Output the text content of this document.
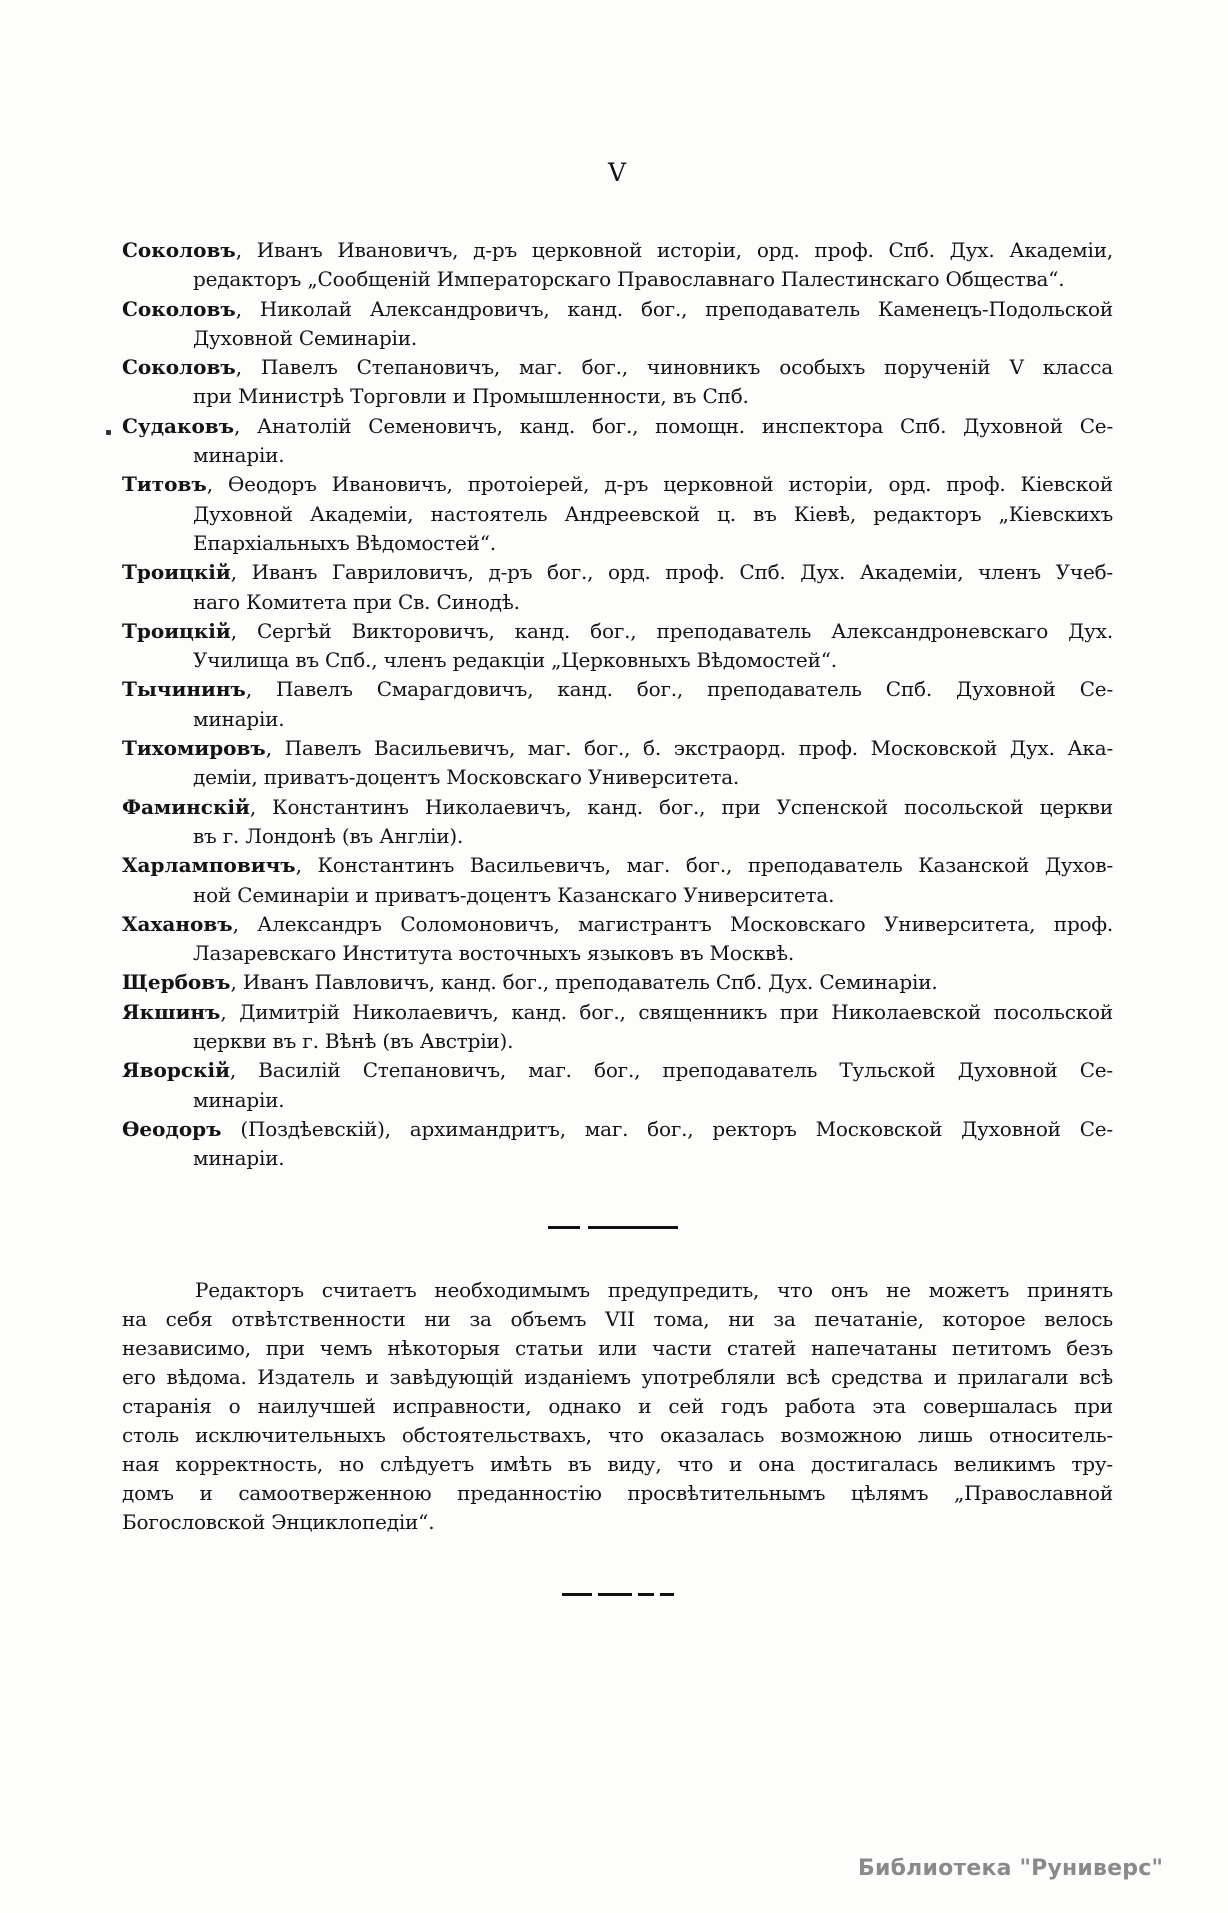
V
Соколовъ, Иванъ Ивановичъ, д-ръ церковной исторіи, орд. проф. Спб. Дух. Академіи,
редакторъ „Сообщеній Императорскаго Православнаго Палестинскаго Общества“.
Соколовъ, Николай Александровичъ, канд. бог., преподаватель Каменецъ-Подольской
Духовной Семинаріи.
Соколовъ, Павелъ Степановичъ, маг. бог., чиновникъ особыхъ порученій V класса
при Министрѣ Торговли и Промышленности, въ Спб.
Судаковъ, Анатолій Семеновичъ, канд. бог., помощн. инспектора Спб. Духовной Се-
минаріи.
Титовъ, Ѳеодоръ Ивановичъ, протоіерей, д-ръ церковной исторіи, орд. проф. Кіевской
Духовной Академіи, настоятель Андреевской ц. въ Кіевѣ, редакторъ „Кіевскихъ
Епархіальныхъ Вѣдомостей“.
Троицкій, Иванъ Гавриловичъ, д-ръ бог., орд. проф. Спб. Дух. Академіи, членъ Учеб-
наго Комитета при Св. Синодѣ.
Троицкій, Сергѣй Викторовичъ, канд. бог., преподаватель Александроневскаго Дух.
Училища въ Спб., членъ редакціи „Церковныхъ Вѣдомостей“.
Тычининъ, Павелъ Смарагдовичъ, канд. бог., преподаватель Спб. Духовной Се-
минаріи.
Тихомировъ, Павелъ Васильевичъ, маг. бог., б. экстраорд. проф. Московской Дух. Ака-
деміи, приватъ-доцентъ Московскаго Университета.
Фаминскій, Константинъ Николаевичъ, канд. бог., при Успенской посольской церкви
въ г. Лондонѣ (въ Англіи).
Харламповичъ, Константинъ Васильевичъ, маг. бог., преподаватель Казанской Духов-
ной Семинаріи и приватъ-доцентъ Казанскаго Университета.
Хахановъ, Александръ Соломоновичъ, магистрантъ Московскаго Университета, проф.
Лазаревскаго Института восточныхъ языковъ въ Москвѣ.
Щербовъ, Иванъ Павловичъ, канд. бог., преподаватель Спб. Дух. Семинаріи.
Якшинъ, Димитрій Николаевичъ, канд. бог., священникъ при Николаевской посольской
церкви въ г. Вѣнѣ (въ Австріи).
Яворскій, Василій Степановичъ, маг. бог., преподаватель Тульской Духовной Се-
минаріи.
Ѳеодоръ (Поздѣевскій), архимандритъ, маг. бог., ректоръ Московской Духовной Се-
минаріи.
Редакторъ считаетъ необходимымъ предупредить, что онъ не можетъ принять
на себя отвѣтственности ни за объемъ VII тома, ни за печатаніе, которое велось
независимо, при чемъ нѣкоторыя статьи или части статей напечатаны петитомъ безъ
его вѣдома. Издатель и завѣдующій изданіемъ употребляли всѣ средства и прилагали всѣ
старанія о наилучшей исправности, однако и сей годъ работа эта совершалась при
столь исключительныхъ обстоятельствахъ, что оказалась возможною лишь относитель-
ная корректность, но слѣдуетъ имѣть въ виду, что и она достигалась великимъ тру-
домъ и самоотверженною преданностію просвѣтительнымъ цѣлямъ „Православной
Богословской Энциклопедіи“.
Библиотека "Руниверс"
